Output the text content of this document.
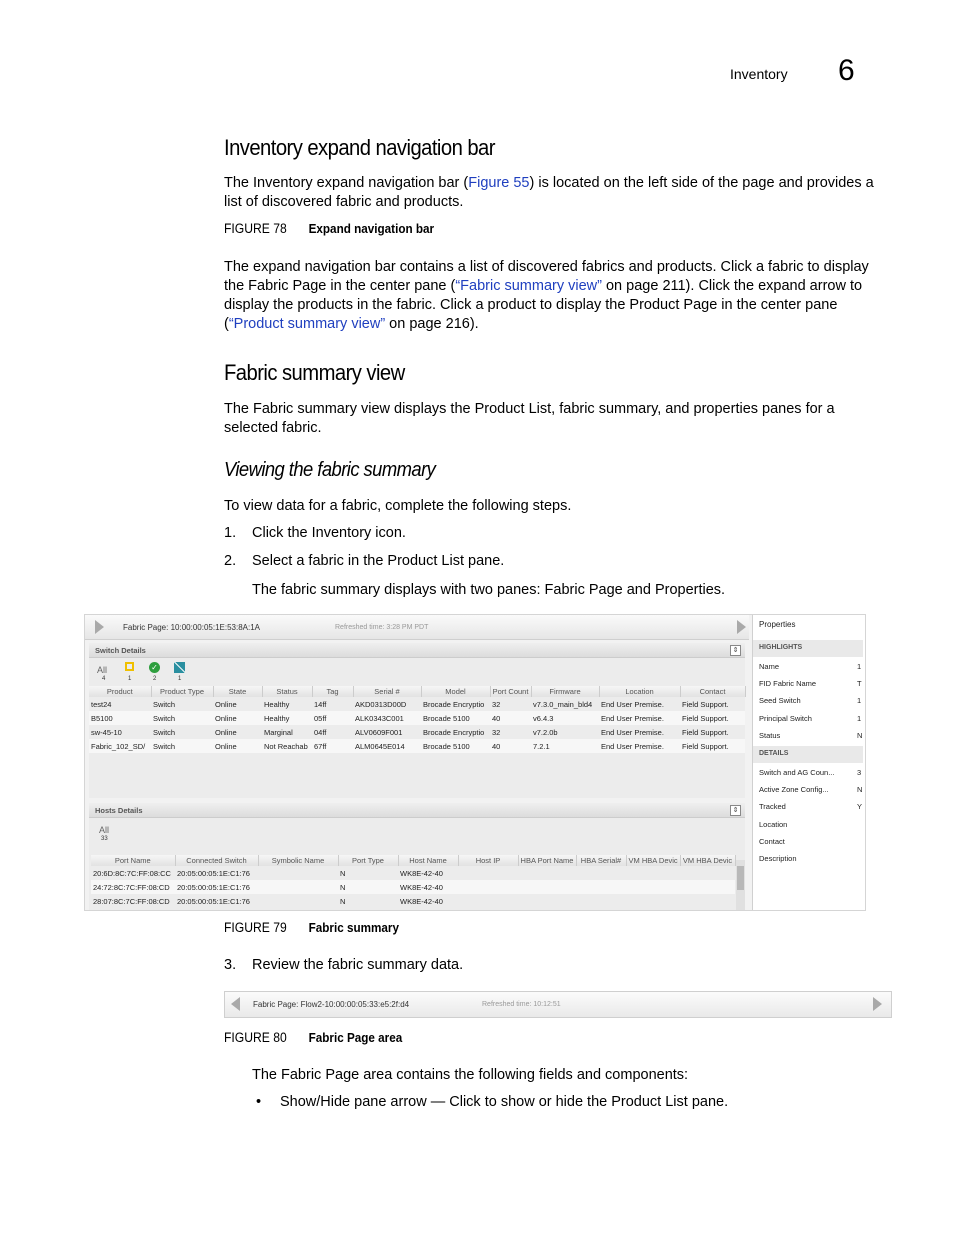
Inventory 6
Inventory expand navigation bar
The Inventory expand navigation bar (Figure 55) is located on the left side of the page and provides a list of discovered fabric and products.
FIGURE 78 Expand navigation bar
The expand navigation bar contains a list of discovered fabrics and products. Click a fabric to display the Fabric Page in the center pane (“Fabric summary view” on page 211). Click the expand arrow to display the products in the fabric. Click a product to display the Product Page in the center pane (“Product summary view” on page 216).
Fabric summary view
The Fabric summary view displays the Product List, fabric summary, and properties panes for a selected fabric.
Viewing the fabric summary
To view data for a fabric, complete the following steps.
1. Click the Inventory icon.
2. Select a fabric in the Product List pane.
The fabric summary displays with two panes: Fabric Page and Properties.
Fabric Page: 10:00:00:05:1E:53:8A:1A	Refreshed time: 3:28 PM PDT
Switch Details	⇕
All	✓
4	1	2	1
Product	Product Type	State	Status	Tag	Serial #	Model	Port Count	Firmware	Location	Contact
test24	Switch	Online	Healthy	14ff	AKD0313D00D	Brocade Encryptio	32	v7.3.0_main_bld4	End User Premise.	Field Support.
B5100	Switch	Online	Healthy	05ff	ALK0343C001	Brocade 5100	40	v6.4.3	End User Premise.	Field Support.
sw-45-10	Switch	Online	Marginal	04ff	ALV0609F001	Brocade Encryptio	32	v7.2.0b	End User Premise.	Field Support.
Fabric_102_SD/	Switch	Online	Not Reachab	67ff	ALM0645E014	Brocade 5100	40	7.2.1	End User Premise.	Field Support.
Hosts Details	⇕
All
33
Port Name	Connected Switch	Symbolic Name	Port Type	Host Name	Host IP	HBA Port Name	HBA Serial#	VM HBA Devic	VM HBA Devic
20:6D:8C:7C:FF:08:CC	20:05:00:05:1E:C1:76		N	WK8E-42-40					
24:72:8C:7C:FF:08:CD	20:05:00:05:1E:C1:76		N	WK8E-42-40					
28:07:8C:7C:FF:08:CD	20:05:00:05:1E:C1:76		N	WK8E-42-40					
Properties
HIGHLIGHTS
Name	1
FID Fabric Name	T
Seed Switch	1
Principal Switch	1
Status	N
DETAILS
Switch and AG Coun...	3
Active Zone Config...	N
Tracked	Y
Location
Contact
Description
FIGURE 79 Fabric summary
3. Review the fabric summary data.
Fabric Page: Flow2-10:00:00:05:33:e5:2f:d4	Refreshed time: 10:12:51
FIGURE 80 Fabric Page area
The Fabric Page area contains the following fields and components:
• Show/Hide pane arrow — Click to show or hide the Product List pane.
